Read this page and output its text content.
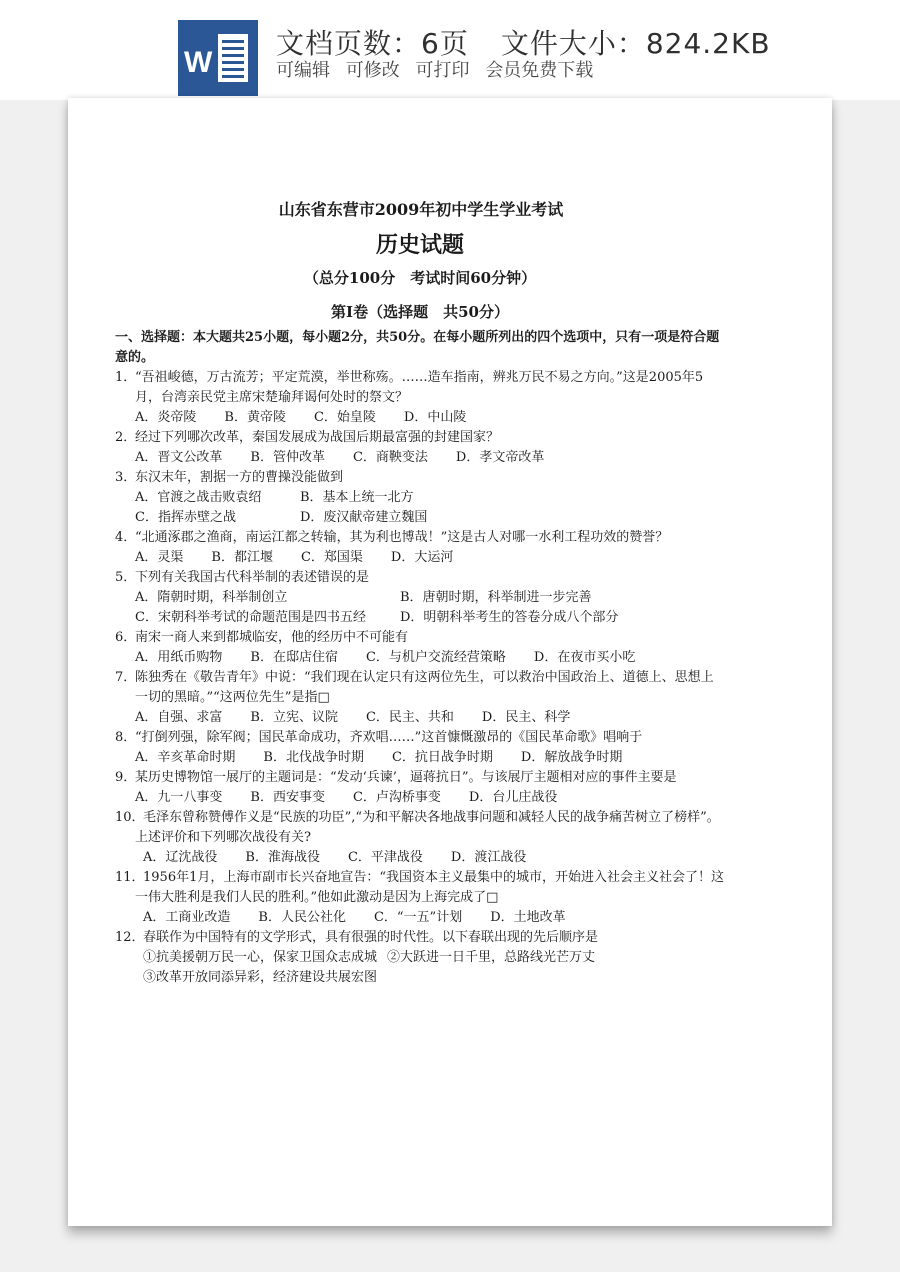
W
文档页数：6页 文件大小：824.2KB
可编辑 可修改 可打印 会员免费下载
山东省东营市2009年初中学生学业考试
历史试题
（总分100分　考试时间60分钟）
第Ⅰ卷（选择题　共50分）
一、选择题：本大题共25小题，每小题2分，共50分。在每小题所列出的四个选项中，只有一项是符合题意的。
1．
“吾祖峻德，万古流芳；平定荒漠，举世称殇。……造车指南，辨兆万民不易之方向。”这是2005年5月，台湾亲民党主席宋楚瑜拜谒何处时的祭文？
A．炎帝陵 B．黄帝陵 C．始皇陵 D．中山陵
2．
经过下列哪次改革，秦国发展成为战国后期最富强的封建国家？
A．晋文公改革 B．管仲改革 C．商鞅变法 D．孝文帝改革
3．
东汉末年，割据一方的曹操没能做到
A．官渡之战击败袁绍	B．基本上统一北方
C．指挥赤壁之战	D．废汉献帝建立魏国
4．
“北通涿郡之渔商，南运江都之转输，其为利也博哉！”这是古人对哪一水利工程功效的赞誉？
A．灵渠 B．都江堰 C．郑国渠 D．大运河
5．
下列有关我国古代科举制的表述错误的是
A．隋朝时期，科举制创立	B．唐朝时期，科举制进一步完善
C．宋朝科举考试的命题范围是四书五经	D．明朝科举考生的答卷分成八个部分
6．
南宋一商人来到都城临安，他的经历中不可能有
A．用纸币购物 B．在邸店住宿 C．与机户交流经营策略 D．在夜市买小吃
7．
陈独秀在《敬告青年》中说：“我们现在认定只有这两位先生，可以救治中国政治上、道德上、思想上一切的黑暗。”“这两位先生”是指□
A．自强、求富 B．立宪、议院 C．民主、共和 D．民主、科学
8．
“打倒列强，除军阀；国民革命成功，齐欢唱……”这首慷慨激昂的《国民革命歌》唱响于
A．辛亥革命时期 B．北伐战争时期 C．抗日战争时期 D．解放战争时期
9．
某历史博物馆一展厅的主题词是：“发动‘兵谏’，逼蒋抗日”。与该展厅主题相对应的事件主要是
A．九一八事变 B．西安事变 C．卢沟桥事变 D．台儿庄战役
10．
毛泽东曾称赞傅作义是“民族的功臣”,“为和平解决各地战事问题和减轻人民的战争痛苦树立了榜样”。上述评价和下列哪次战役有关?
A．辽沈战役 B．淮海战役 C．平津战役 D．渡江战役
11．
1956年1月，上海市副市长兴奋地宣告：“我国资本主义最集中的城市，开始进入社会主义社会了！这一伟大胜利是我们人民的胜利。”他如此激动是因为上海完成了□
A．工商业改造 B．人民公社化 C．“一五”计划 D．土地改革
12．
春联作为中国特有的文学形式，具有很强的时代性。以下春联出现的先后顺序是
①抗美援朝万民一心，保家卫国众志成城 ②大跃进一日千里，总路线光芒万丈
③改革开放同添异彩，经济建设共展宏图
